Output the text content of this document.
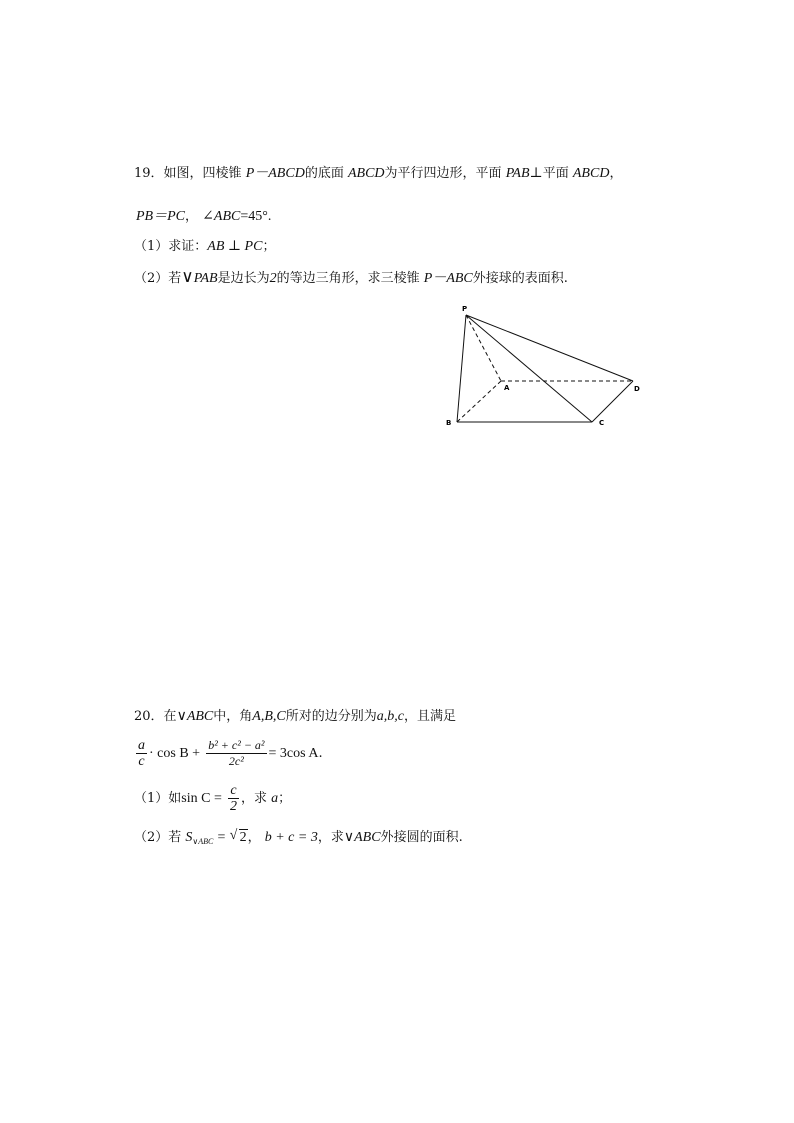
19．如图，四棱锥 P－ABCD的底面 ABCD为平行四边形，平面 PAB⊥平面 ABCD，
PB＝PC， ∠ABC=45°.
（1）求证：AB ⊥ PC；
（2）若∨PAB是边长为2的等边三角形，求三棱锥 P－ABC外接球的表面积.
P
A
B	C
D
20．在∨ABC中，角A,B,C所对的边分别为a,b,c，且满足
$\frac{a}{c} \cdot \cos B + \frac{\text{b² + c² − a²}}{\text{2c²}} = 3\cos$ A.
（1）如$\sin C = \frac{c}{2}$ ，求 a；
（2）若 $S_{\vee ABC}$ = √ 2， b + c = 3，求∨ABC外接圆的面积.
